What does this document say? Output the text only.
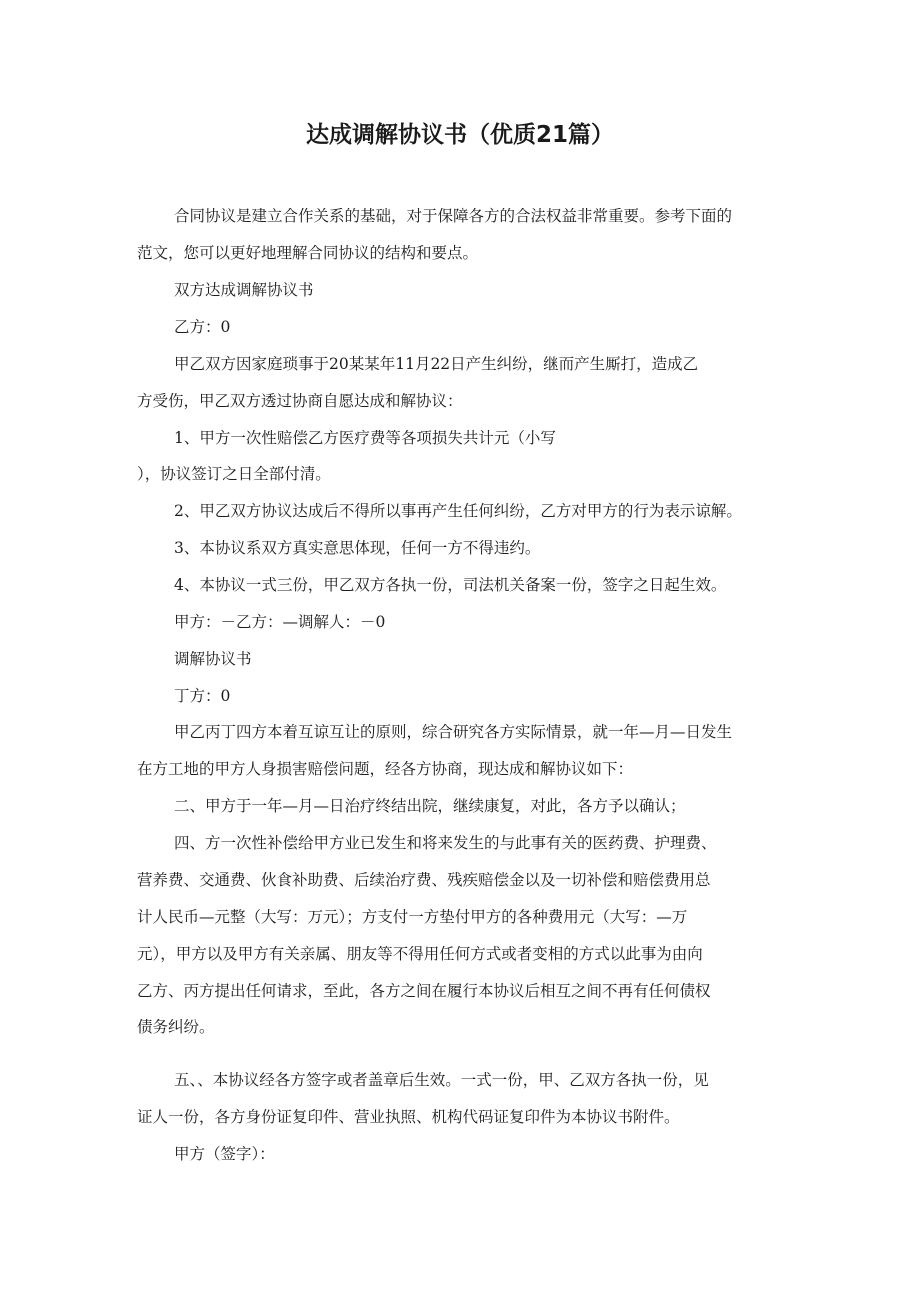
达成调解协议书（优质21篇）
合同协议是建立合作关系的基础，对于保障各方的合法权益非常重要。参考下面的
范文，您可以更好地理解合同协议的结构和要点。
双方达成调解协议书
乙方：0
甲乙双方因家庭琐事于20某某年11月22日产生纠纷，继而产生厮打，造成乙
方受伤，甲乙双方透过协商自愿达成和解协议：
1、甲方一次性赔偿乙方医疗费等各项损失共计元（小写
），协议签订之日全部付清。
2、甲乙双方协议达成后不得所以事再产生任何纠纷，乙方对甲方的行为表示谅解。
3、本协议系双方真实意思体现，任何一方不得违约。
4、本协议一式三份，甲乙双方各执一份，司法机关备案一份，签字之日起生效。
甲方：－乙方：—调解人：－0
调解协议书
丁方：0
甲乙丙丁四方本着互谅互让的原则，综合研究各方实际情景，就一年—月—日发生
在方工地的甲方人身损害赔偿问题，经各方协商，现达成和解协议如下：
二、甲方于一年—月—日治疗终结出院，继续康复，对此，各方予以确认；
四、方一次性补偿给甲方业已发生和将来发生的与此事有关的医药费、护理费、
营养费、交通费、伙食补助费、后续治疗费、残疾赔偿金以及一切补偿和赔偿费用总
计人民币—元整（大写：万元）；方支付一方垫付甲方的各种费用元（大写：—万
元），甲方以及甲方有关亲属、朋友等不得用任何方式或者变相的方式以此事为由向
乙方、丙方提出任何请求，至此，各方之间在履行本协议后相互之间不再有任何债权
债务纠纷。
五、、本协议经各方签字或者盖章后生效。一式一份，甲、乙双方各执一份，见
证人一份，各方身份证复印件、营业执照、机构代码证复印件为本协议书附件。
甲方（签字）：
